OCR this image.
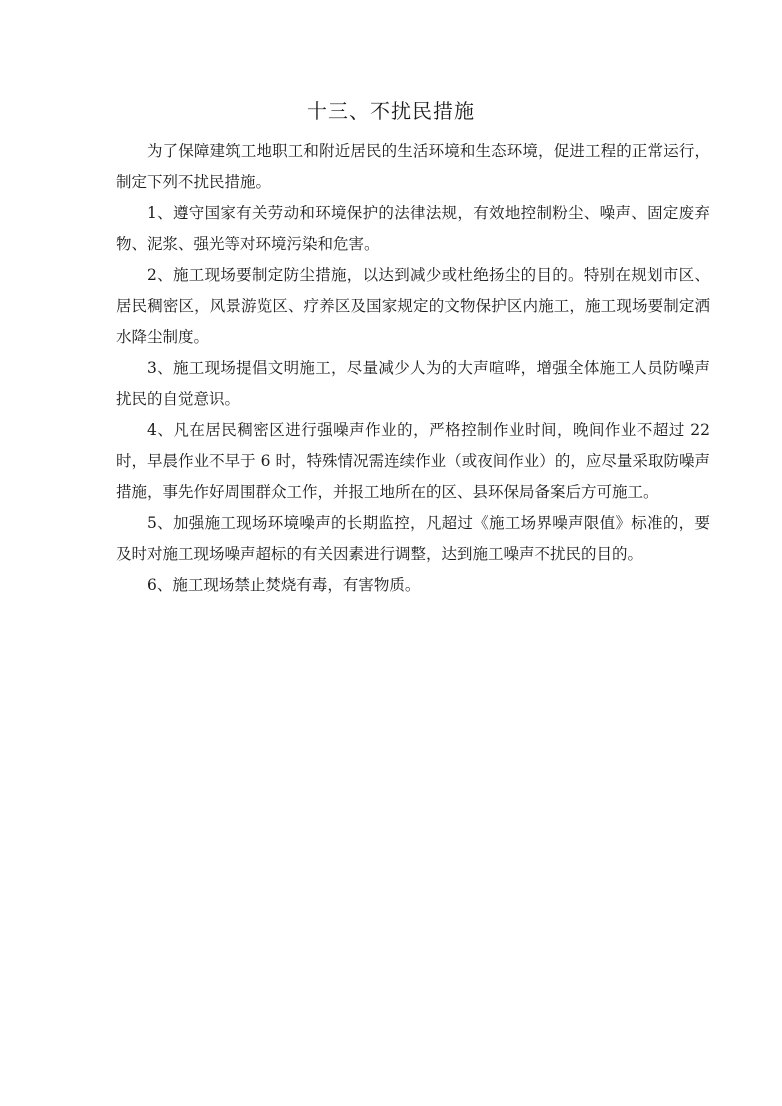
十三、不扰民措施

为了保障建筑工地职工和附近居民的生活环境和生态环境，促进工程的正常运行，制定下列不扰民措施。

1、遵守国家有关劳动和环境保护的法律法规，有效地控制粉尘、噪声、固定废弃物、泥浆、强光等对环境污染和危害。

2、施工现场要制定防尘措施，以达到减少或杜绝扬尘的目的。特别在规划市区、居民稠密区，风景游览区、疗养区及国家规定的文物保护区内施工，施工现场要制定洒水降尘制度。

3、施工现场提倡文明施工，尽量减少人为的大声喧哗，增强全体施工人员防噪声扰民的自觉意识。

4、凡在居民稠密区进行强噪声作业的，严格控制作业时间，晚间作业不超过 22 时，早晨作业不早于 6 时，特殊情况需连续作业（或夜间作业）的，应尽量采取防噪声措施，事先作好周围群众工作，并报工地所在的区、县环保局备案后方可施工。

5、加强施工现场环境噪声的长期监控，凡超过《施工场界噪声限值》标准的，要及时对施工现场噪声超标的有关因素进行调整，达到施工噪声不扰民的目的。

6、施工现场禁止焚烧有毒，有害物质。
